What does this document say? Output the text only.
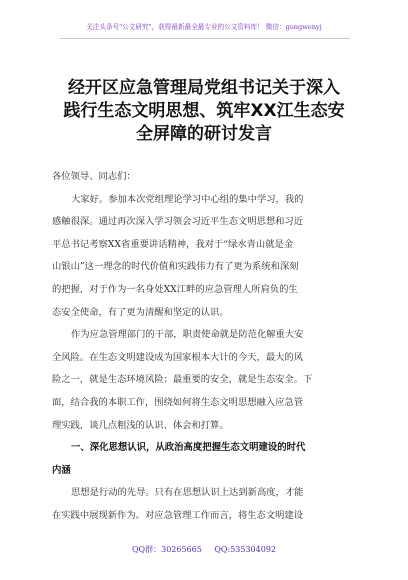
关注头条号"公文研究"，获得最新最全最专业的公文资料库！ 微信：gongwenyj
经开区应急管理局党组书记关于深入
践行生态文明思想、筑牢XX江生态安
全屏障的研讨发言
各位领导、同志们：
大家好。参加本次党组理论学习中心组的集中学习，我的
感触很深。通过再次深入学习领会习近平生态文明思想和习近
平总书记考察XX省重要讲话精神，我对于“绿水青山就是金
山银山”这一理念的时代价值和实践伟力有了更为系统和深刻
的把握，对于作为一名身处XX江畔的应急管理人所肩负的生
态安全使命，有了更为清醒和坚定的认识。
作为应急管理部门的干部，职责使命就是防范化解重大安
全风险。在生态文明建设成为国家根本大计的今天，最大的风
险之一，就是生态环境风险；最重要的安全，就是生态安全。下
面，结合我的本职工作，围绕如何将生态文明思想融入应急管
理实践，谈几点粗浅的认识、体会和打算。
一、深化思想认识，从政治高度把握生态文明建设的时代
内涵
思想是行动的先导。只有在思想认识上达到新高度，才能
在实践中展现新作为。对应急管理工作而言，将生态文明建设
QQ群：30265665 QQ:535304092
